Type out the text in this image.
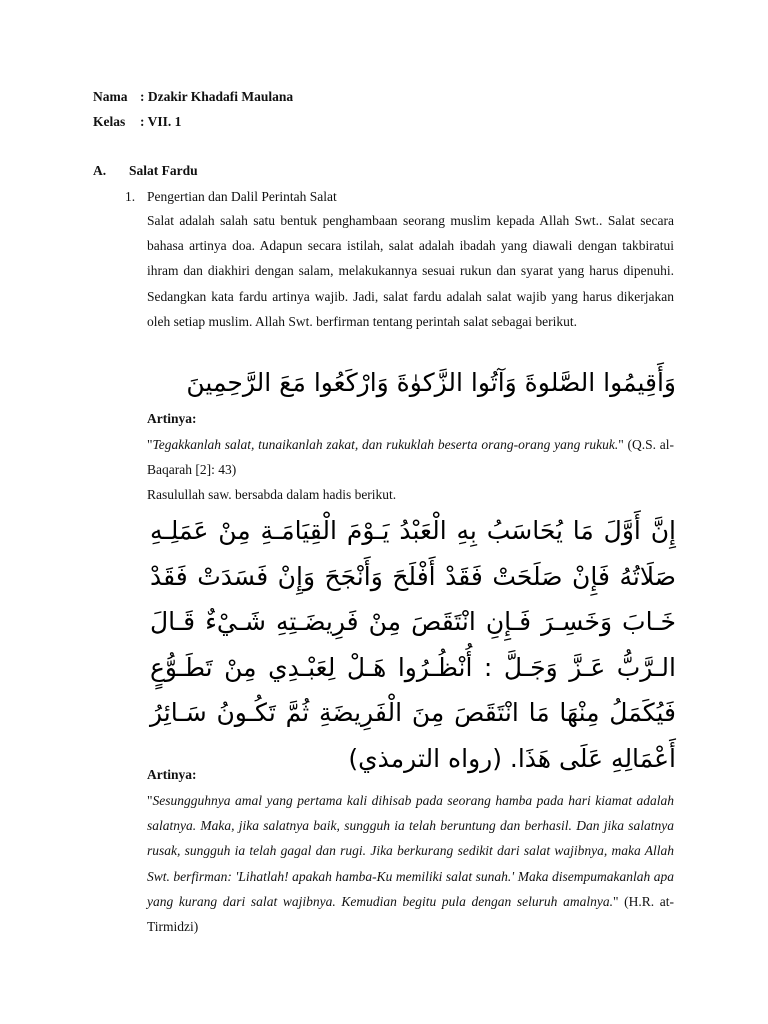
Nama : Dzakir Khadafi Maulana
Kelas : VII. 1
A. Salat Fardu
1. Pengertian dan Dalil Perintah Salat
Salat adalah salah satu bentuk penghambaan seorang muslim kepada Allah Swt.. Salat secara bahasa artinya doa. Adapun secara istilah, salat adalah ibadah yang diawali dengan takbiratui ihram dan diakhiri dengan salam, melakukannya sesuai rukun dan syarat yang harus dipenuhi. Sedangkan kata fardu artinya wajib. Jadi, salat fardu adalah salat wajib yang harus dikerjakan oleh setiap muslim. Allah Swt. berfirman tentang perintah salat sebagai berikut.
وَأَقِيمُوا الصَّلوةَ وَآتُوا الزَّكوٰةَ وَارْكَعُوا مَعَ الرَّحِمِينَ
Artinya:
"Tegakkanlah salat, tunaikanlah zakat, dan rukuklah beserta orang-orang yang rukuk." (Q.S. al-Baqarah [2]: 43)
Rasulullah saw. bersabda dalam hadis berikut.
إِنَّ أَوَّلَ مَا يُحَاسَبُ بِهِ الْعَبْدُ يَـوْمَ الْقِيَامَـةِ مِنْ عَمَلِـهِ صَلَاتُهُ فَإِنْ صَلَحَتْ فَقَدْ أَفْلَحَ وَأَنْجَحَ وَإِنْ فَسَدَتْ فَقَدْ خَـابَ وَخَسِـرَ فَـإِنِ انْتَقَصَ مِنْ فَرِيضَـتِهِ شَـيْءٌ قَـالَ الـرَّبُّ عَـزَّ وَجَـلَّ : أُنْظُـرُوا هَـلْ لِعَبْـدِي مِنْ تَطَـوُّعٍ فَيُكَمَلُ مِنْهَا مَا انْتَقَصَ مِنَ الْفَرِيضَةِ ثُمَّ تَكُـونُ سَـائِرُ أَعْمَالِهِ عَلَى هَذَا. (رواه الترمذي)
Artinya:
"Sesungguhnya amal yang pertama kali dihisab pada seorang hamba pada hari kiamat adalah salatnya. Maka, jika salatnya baik, sungguh ia telah beruntung dan berhasil. Dan jika salatnya rusak, sungguh ia telah gagal dan rugi. Jika berkurang sedikit dari salat wajibnya, maka Allah Swt. berfirman: 'Lihatlah! apakah hamba-Ku memiliki salat sunah.' Maka disempumakanlah apa yang kurang dari salat wajibnya. Kemudian begitu pula dengan seluruh amalnya." (H.R. at-Tirmidzi)
